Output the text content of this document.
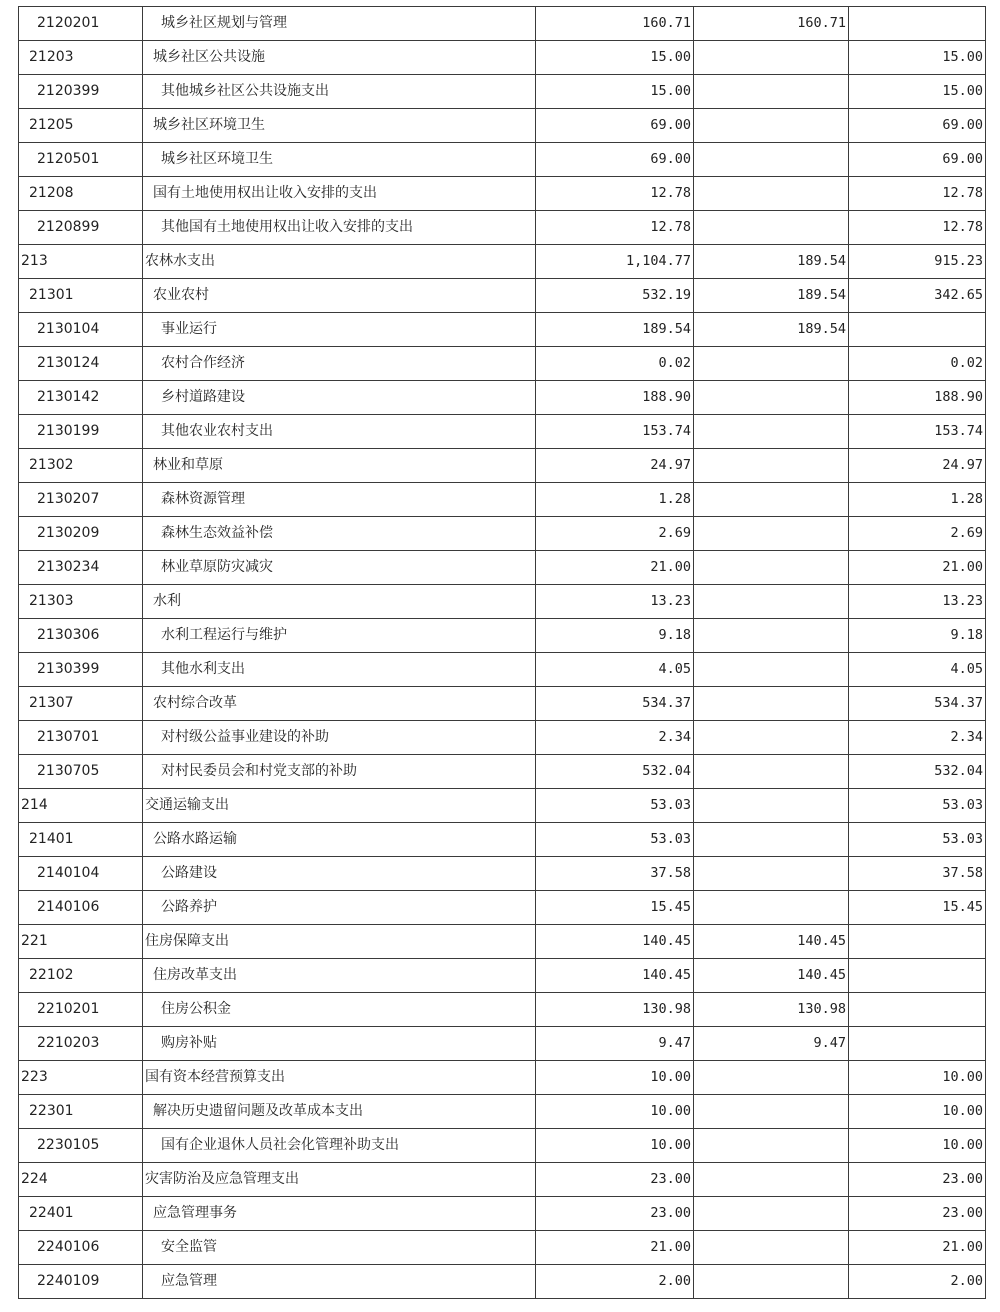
2120201	城乡社区规划与管理	160.71	160.71	
21203	城乡社区公共设施	15.00		15.00
2120399	其他城乡社区公共设施支出	15.00		15.00
21205	城乡社区环境卫生	69.00		69.00
2120501	城乡社区环境卫生	69.00		69.00
21208	国有土地使用权出让收入安排的支出	12.78		12.78
2120899	其他国有土地使用权出让收入安排的支出	12.78		12.78
213	农林水支出	1,104.77	189.54	915.23
21301	农业农村	532.19	189.54	342.65
2130104	事业运行	189.54	189.54	
2130124	农村合作经济	0.02		0.02
2130142	乡村道路建设	188.90		188.90
2130199	其他农业农村支出	153.74		153.74
21302	林业和草原	24.97		24.97
2130207	森林资源管理	1.28		1.28
2130209	森林生态效益补偿	2.69		2.69
2130234	林业草原防灾减灾	21.00		21.00
21303	水利	13.23		13.23
2130306	水利工程运行与维护	9.18		9.18
2130399	其他水利支出	4.05		4.05
21307	农村综合改革	534.37		534.37
2130701	对村级公益事业建设的补助	2.34		2.34
2130705	对村民委员会和村党支部的补助	532.04		532.04
214	交通运输支出	53.03		53.03
21401	公路水路运输	53.03		53.03
2140104	公路建设	37.58		37.58
2140106	公路养护	15.45		15.45
221	住房保障支出	140.45	140.45	
22102	住房改革支出	140.45	140.45	
2210201	住房公积金	130.98	130.98	
2210203	购房补贴	9.47	9.47	
223	国有资本经营预算支出	10.00		10.00
22301	解决历史遗留问题及改革成本支出	10.00		10.00
2230105	国有企业退休人员社会化管理补助支出	10.00		10.00
224	灾害防治及应急管理支出	23.00		23.00
22401	应急管理事务	23.00		23.00
2240106	安全监管	21.00		21.00
2240109	应急管理	2.00		2.00
